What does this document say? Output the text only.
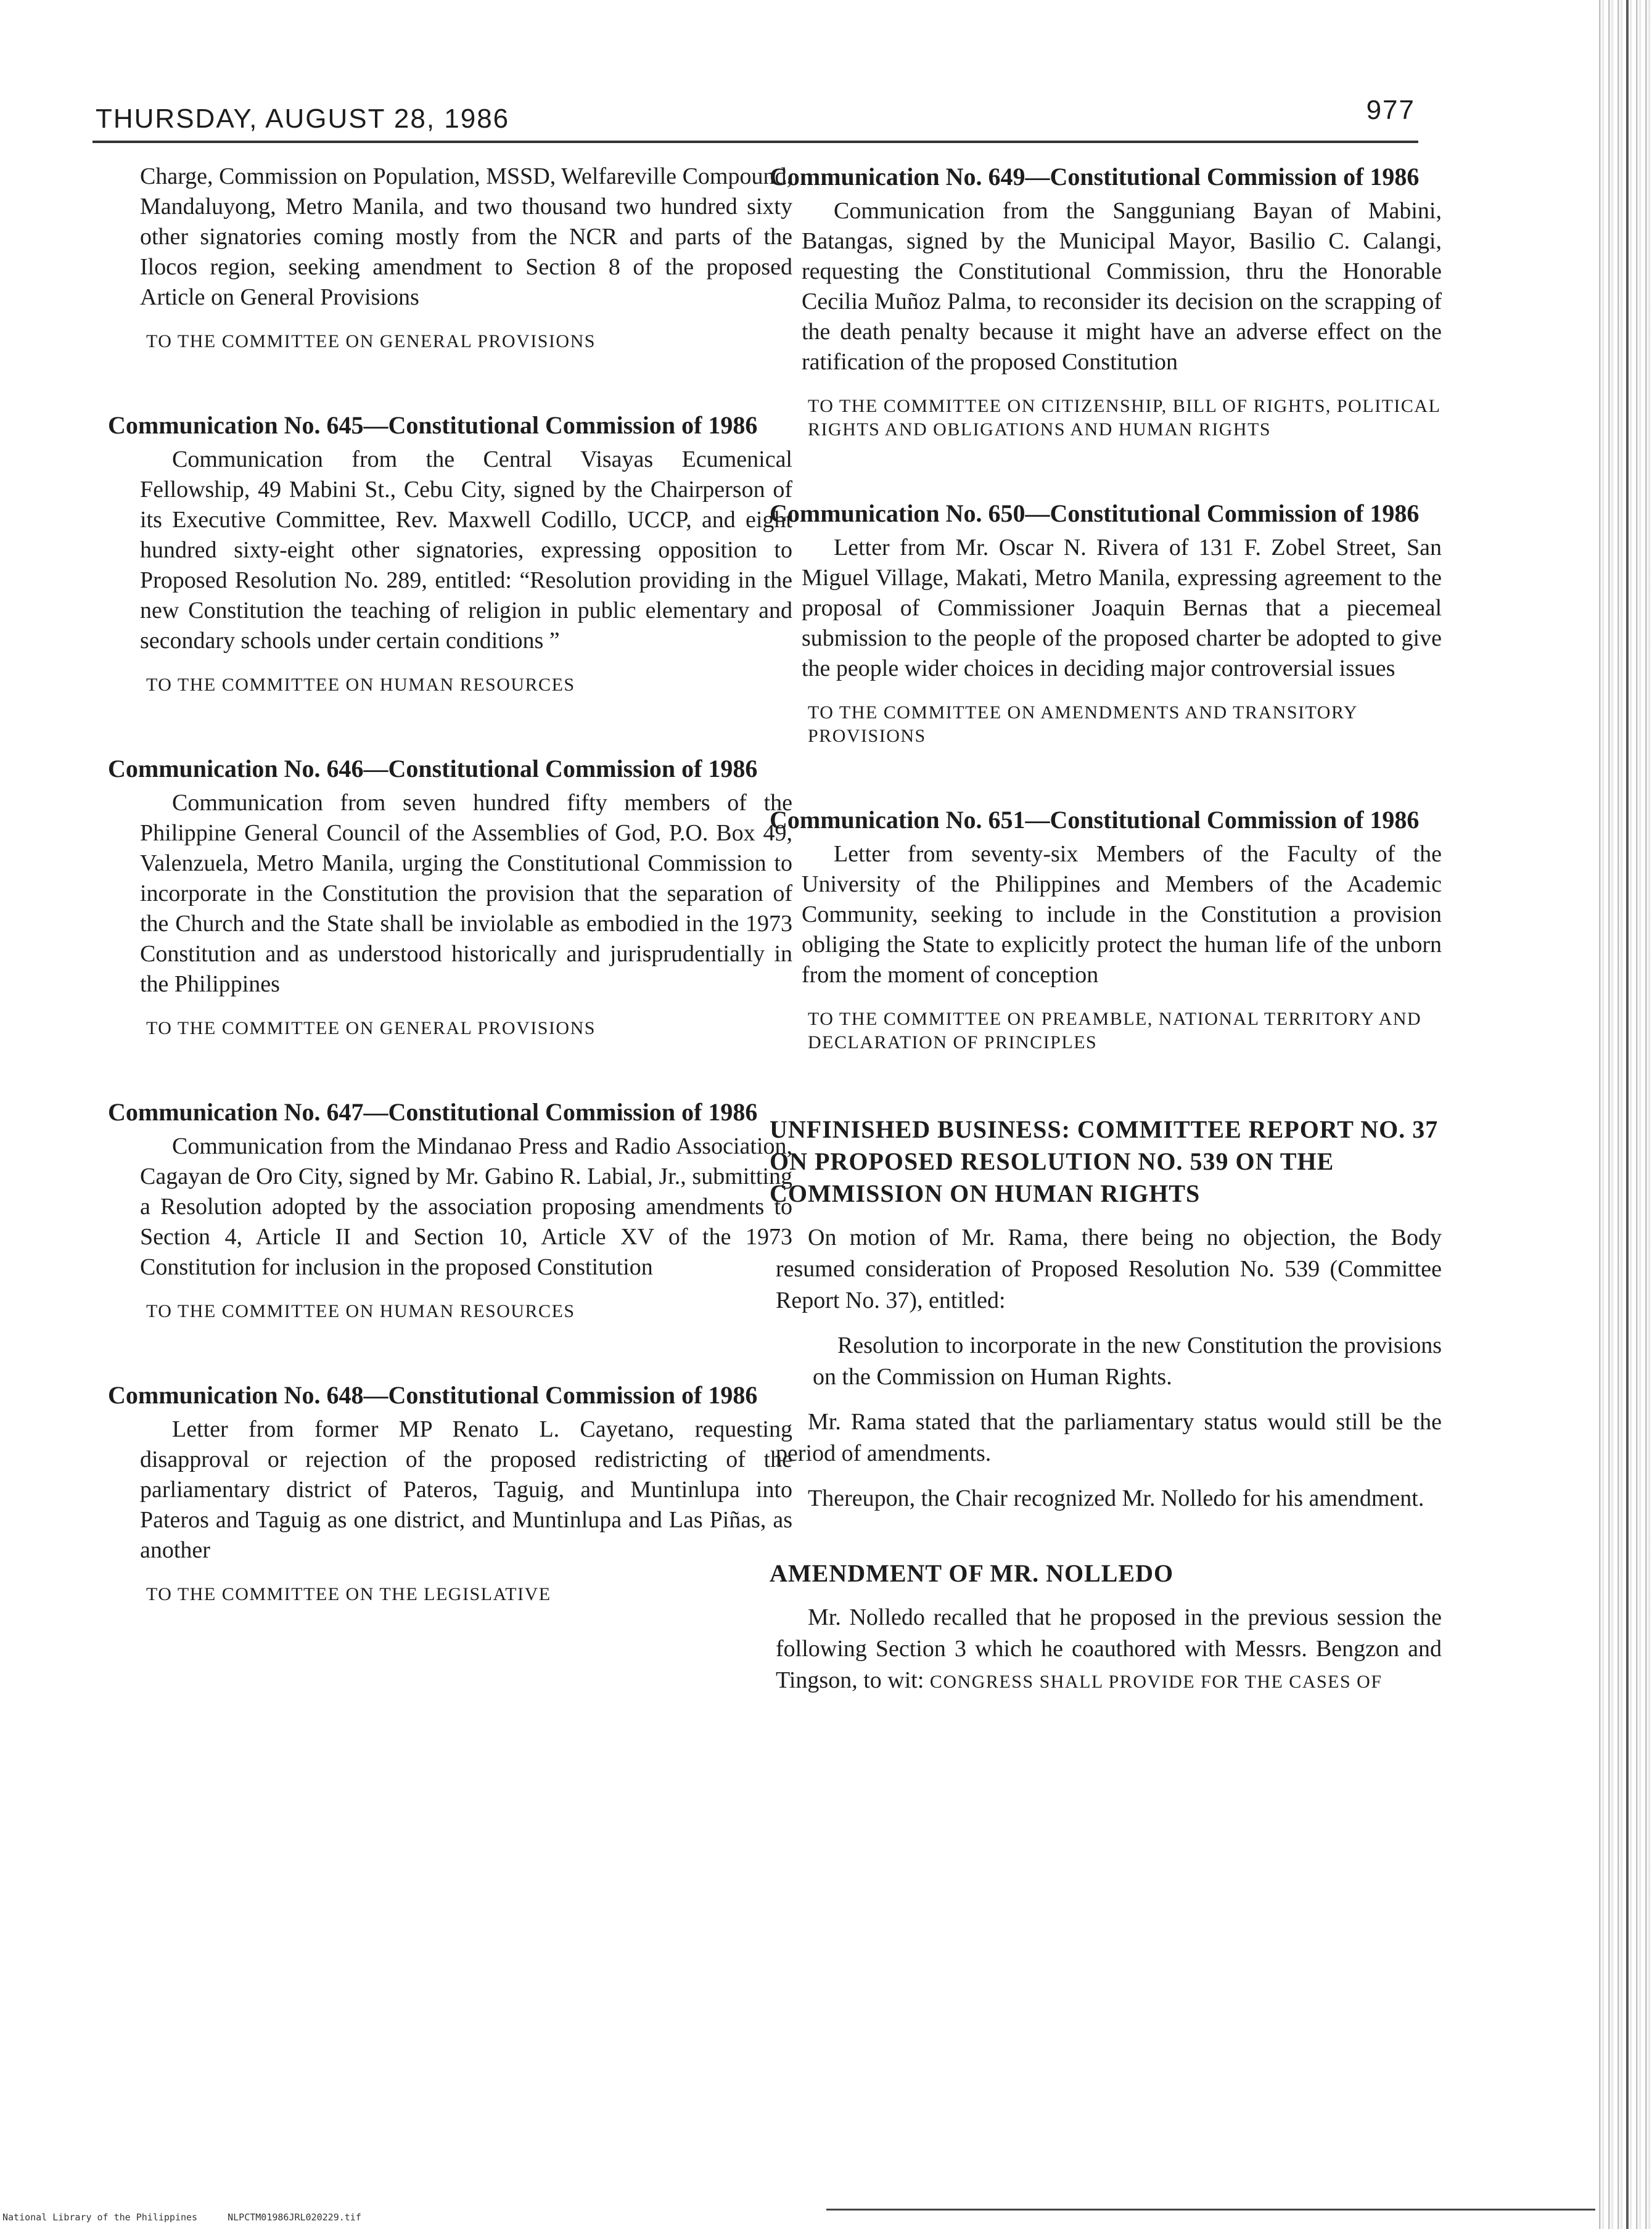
THURSDAY, AUGUST 28, 1986	977

Charge, Commission on Population, MSSD, Welfareville Compound, Mandaluyong, Metro Manila, and two thousand two hundred sixty other signatories coming mostly from the NCR and parts of the Ilocos region, seeking amendment to Section 8 of the proposed Article on General Provisions

TO THE COMMITTEE ON GENERAL PROVISIONS

Communication No. 645—Constitutional Commission of 1986

Communication from the Central Visayas Ecumenical Fellowship, 49 Mabini St., Cebu City, signed by the Chairperson of its Executive Committee, Rev. Maxwell Codillo, UCCP, and eight hundred sixty-eight other signatories, expressing opposition to Proposed Resolution No. 289, entitled: “Resolution providing in the new Constitution the teaching of religion in public elementary and secondary schools under certain conditions ”

TO THE COMMITTEE ON HUMAN RESOURCES

Communication No. 646—Constitutional Commission of 1986

Communication from seven hundred fifty members of the Philippine General Council of the Assemblies of God, P.O. Box 49, Valenzuela, Metro Manila, urging the Constitutional Commission to incorporate in the Constitution the provision that the separation of the Church and the State shall be inviolable as embodied in the 1973 Constitution and as understood historically and jurisprudentially in the Philippines

TO THE COMMITTEE ON GENERAL PROVISIONS

Communication No. 647—Constitutional Commission of 1986

Communication from the Mindanao Press and Radio Association, Cagayan de Oro City, signed by Mr. Gabino R. Labial, Jr., submitting a Resolution adopted by the association proposing amendments to Section 4, Article II and Section 10, Article XV of the 1973 Constitution for inclusion in the proposed Constitution

TO THE COMMITTEE ON HUMAN RESOURCES

Communication No. 648—Constitutional Commission of 1986

Letter from former MP Renato L. Cayetano, requesting disapproval or rejection of the proposed redistricting of the parliamentary district of Pateros, Taguig, and Muntinlupa into Pateros and Taguig as one district, and Muntinlupa and Las Piñas, as another

TO THE COMMITTEE ON THE LEGISLATIVE

Communication No. 649—Constitutional Commission of 1986

Communication from the Sangguniang Bayan of Mabini, Batangas, signed by the Municipal Mayor, Basilio C. Calangi, requesting the Constitutional Commission, thru the Honorable Cecilia Muñoz Palma, to reconsider its decision on the scrapping of the death penalty because it might have an adverse effect on the ratification of the proposed Constitution

TO THE COMMITTEE ON CITIZENSHIP, BILL OF RIGHTS, POLITICAL RIGHTS AND OBLIGATIONS AND HUMAN RIGHTS

Communication No. 650—Constitutional Commission of 1986

Letter from Mr. Oscar N. Rivera of 131 F. Zobel Street, San Miguel Village, Makati, Metro Manila, expressing agreement to the proposal of Commissioner Joaquin Bernas that a piecemeal submission to the people of the proposed charter be adopted to give the people wider choices in deciding major controversial issues

TO THE COMMITTEE ON AMENDMENTS AND TRANSITORY PROVISIONS

Communication No. 651—Constitutional Commission of 1986

Letter from seventy-six Members of the Faculty of the University of the Philippines and Members of the Academic Community, seeking to include in the Constitution a provision obliging the State to explicitly protect the human life of the unborn from the moment of conception

TO THE COMMITTEE ON PREAMBLE, NATIONAL TERRITORY AND DECLARATION OF PRINCIPLES

UNFINISHED BUSINESS: COMMITTEE REPORT NO. 37 ON PROPOSED RESOLUTION NO. 539 ON THE COMMISSION ON HUMAN RIGHTS

On motion of Mr. Rama, there being no objection, the Body resumed consideration of Proposed Resolution No. 539 (Committee Report No. 37), entitled:

Resolution to incorporate in the new Constitution the provisions on the Commission on Human Rights.

Mr. Rama stated that the parliamentary status would still be the period of amendments.

Thereupon, the Chair recognized Mr. Nolledo for his amendment.

AMENDMENT OF MR. NOLLEDO

Mr. Nolledo recalled that he proposed in the previous session the following Section 3 which he coauthored with Messrs. Bengzon and Tingson, to wit: CONGRESS SHALL PROVIDE FOR THE CASES OF

National Library of the Philippines	NLPCTM01986JRL020229.tif
